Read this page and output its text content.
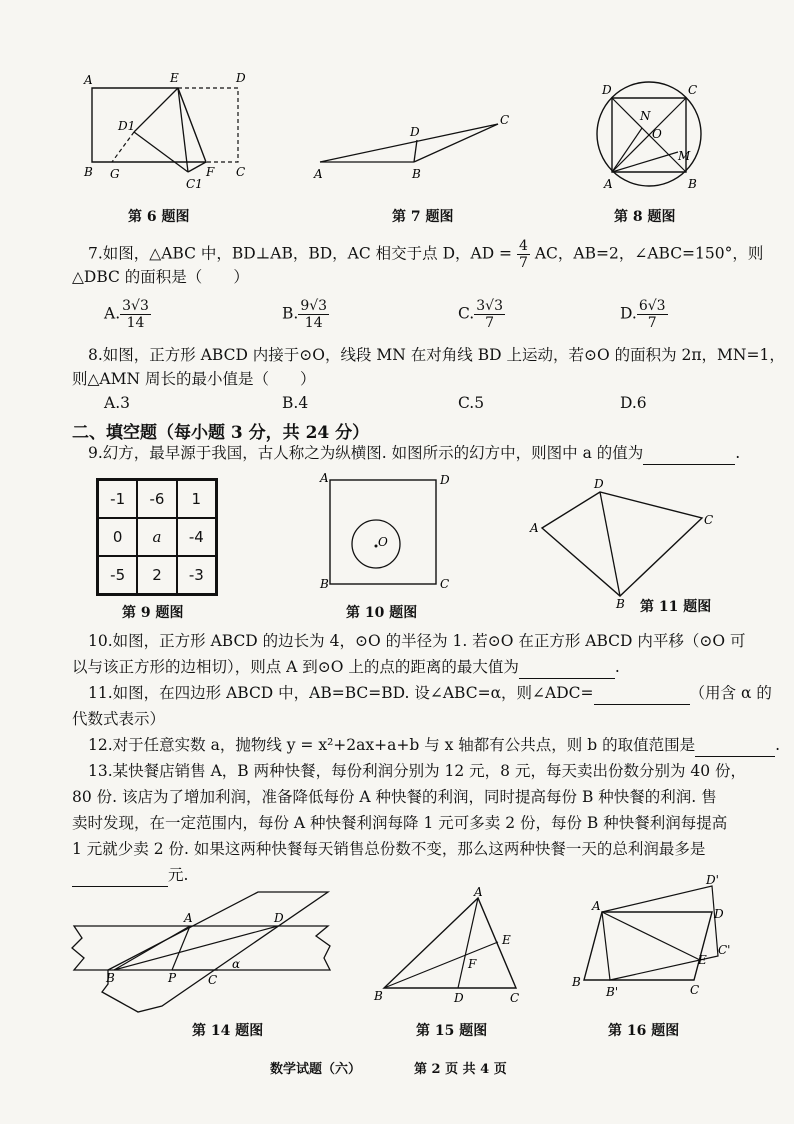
A	E	D
D1
B G	F
C1
C
第 6 题图
A	B
C
D
第 7 题图
A	B
C
D
N
O
M
第 8 题图
7.如图，△ABC 中，BD⊥AB，BD，AC 相交于点 D，AD = $\frac{4}{7}$ AC，AB=2，∠ABC=150°，则
△DBC 的面积是（　　）
A. $\frac{3√3}{14}$	B. $\frac{9√3}{14}$	C. $\frac{3√3}{7}$	D. $\frac{6√3}{7}$
8.如图，正方形 ABCD 内接于⊙O，线段 MN 在对角线 BD 上运动，若⊙O 的面积为 2π，MN=1，
则△AMN 周长的最小值是（　　）
A.3	B.4	C.5	D.6
二、填空题（每小题 3 分，共 24 分）
9.幻方，最早源于我国，古人称之为纵横图. 如图所示的幻方中，则图中 a 的值为	.
-1	-6	1
0	a	-4
-5	2	-3
第 9 题图
A	D
B	C
O
第 10 题图
A
D
C
B 第 11 题图
10.如图，正方形 ABCD 的边长为 4，⊙O 的半径为 1. 若⊙O 在正方形 ABCD 内平移（⊙O 可
以与该正方形的边相切），则点 A 到⊙O 上的点的距离的最大值为	.
11.如图，在四边形 ABCD 中，AB=BC=BD. 设∠ABC=α，则∠ADC=	（用含 α 的
代数式表示）
12.对于任意实数 a，抛物线 y = x²+2ax+a+b 与 x 轴都有公共点，则 b 的取值范围是	.
13.某快餐店销售 A，B 两种快餐，每份利润分别为 12 元，8 元，每天卖出份数分别为 40 份，
80 份. 该店为了增加利润，准备降低每份 A 种快餐的利润，同时提高每份 B 种快餐的利润. 售
卖时发现，在一定范围内，每份 A 种快餐利润每降 1 元可多卖 2 份，每份 B 种快餐利润每提高
1 元就少卖 2 份. 如果这两种快餐每天销售总份数不变，那么这两种快餐一天的总利润最多是
元.
A	D
B	P	C
α
第 14 题图
A
E
F
B	D	C
第 15 题图
D'
A
D
C'
E
B
B'	C
第 16 题图
数学试题（六）	第 2 页 共 4 页
